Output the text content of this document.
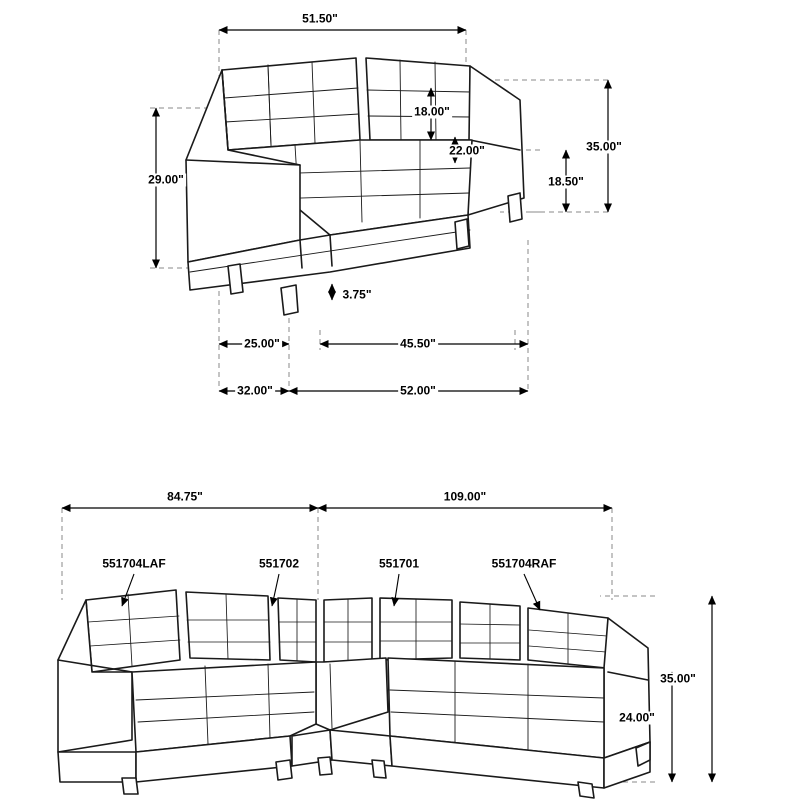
51.50"
18.00"
22.00"	35.00"
18.50"
29.00"
3.75"
25.00"	45.50"
32.00"	52.00"
84.75"	109.00"
35.00"
24.00"
551704LAF	551702	551701	551704RAF
